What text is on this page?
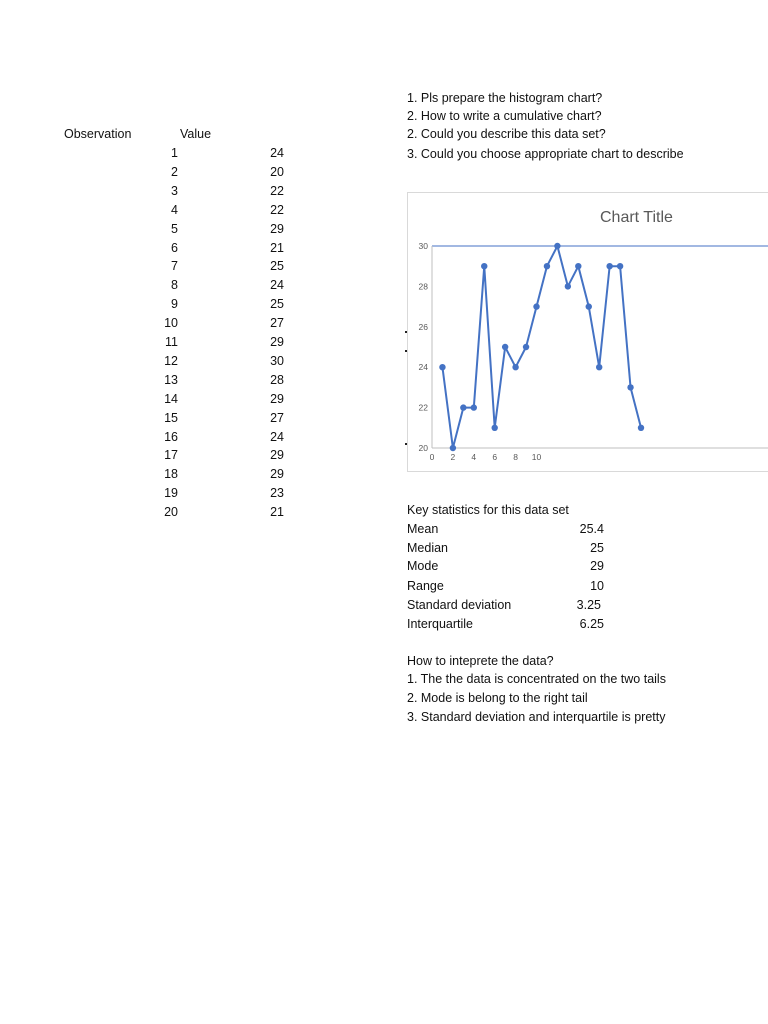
Observation	Value
1	24
2	20
3	22
4	22
5	29
6	21
7	25
8	24
9	25
10	27
11	29
12	30
13	28
14	29
15	27
16	24
17	29
18	29
19	23
20	21
1. Pls prepare the histogram chart?
2. How to write a cumulative chart?
2. Could you describe this data set?
3. Could you choose appropriate chart to describe
Chart Title
20
22
24
26
28
30
0 2 4 6 8 10
Key statistics for this data set
Mean	25.4
Median	25
Mode	29
Range	10
Standard deviation	3.25
Interquartile	6.25
How to inteprete the data?
1. The the data is concentrated on the two tails
2. Mode is belong to the right tail
3. Standard deviation and interquartile is pretty
